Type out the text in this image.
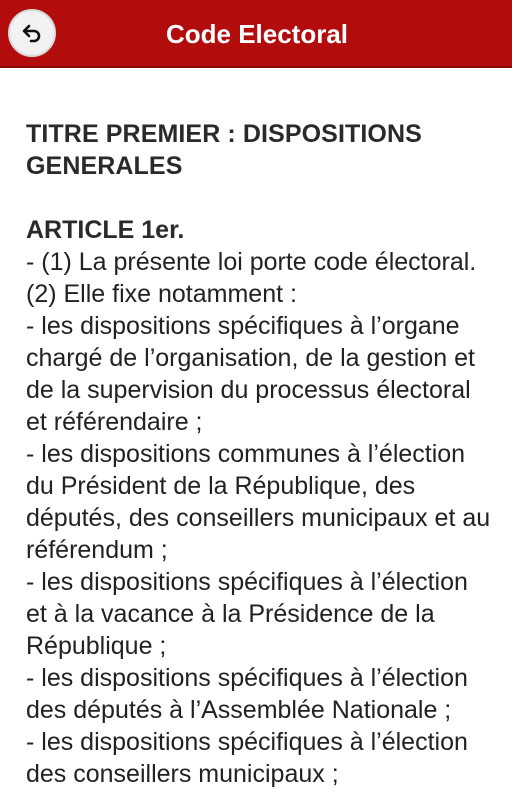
Code Electoral

TITRE PREMIER : DISPOSITIONS GENERALES

ARTICLE 1er.

- (1) La présente loi porte code électoral.

(2) Elle fixe notamment :

- les dispositions spécifiques à l’organe chargé de l’organisation, de la gestion et de la supervision du processus électoral et référendaire ;

- les dispositions communes à l’élection du Président de la République, des députés, des conseillers municipaux et au référendum ;

- les dispositions spécifiques à l’élection et à la vacance à la Présidence de la République ;

- les dispositions spécifiques à l’élection des députés à l’Assemblée Nationale ;

- les dispositions spécifiques à l’élection des conseillers municipaux ;
